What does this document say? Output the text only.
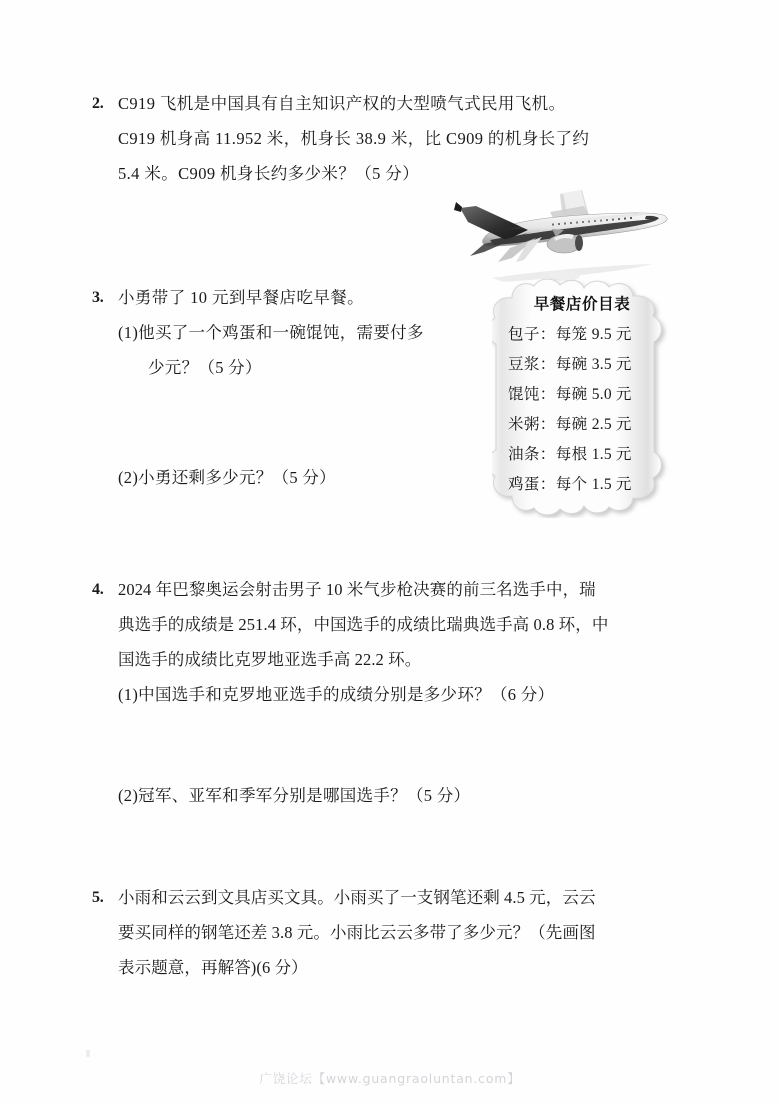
2. C919 飞机是中国具有自主知识产权的大型喷气式民用飞机。
C919 机身高 11.952 米，机身长 38.9 米，比 C909 的机身长了约
5.4 米。C909 机身长约多少米？（5 分）
3. 小勇带了 10 元到早餐店吃早餐。
(1)他买了一个鸡蛋和一碗馄饨，需要付多
少元？（5 分）
(2)小勇还剩多少元？（5 分）
早餐店价目表
包子：每笼 9.5 元
豆浆：每碗 3.5 元
馄饨：每碗 5.0 元
米粥：每碗 2.5 元
油条：每根 1.5 元
鸡蛋：每个 1.5 元
4. 2024 年巴黎奥运会射击男子 10 米气步枪决赛的前三名选手中，瑞
典选手的成绩是 251.4 环，中国选手的成绩比瑞典选手高 0.8 环，中
国选手的成绩比克罗地亚选手高 22.2 环。
(1)中国选手和克罗地亚选手的成绩分别是多少环？（6 分）
(2)冠军、亚军和季军分别是哪国选手？（5 分）
5. 小雨和云云到文具店买文具。小雨买了一支钢笔还剩 4.5 元，云云
要买同样的钢笔还差 3.8 元。小雨比云云多带了多少元？（先画图
表示题意，再解答)(6 分）
广饶论坛【www.guangraoluntan.com】
